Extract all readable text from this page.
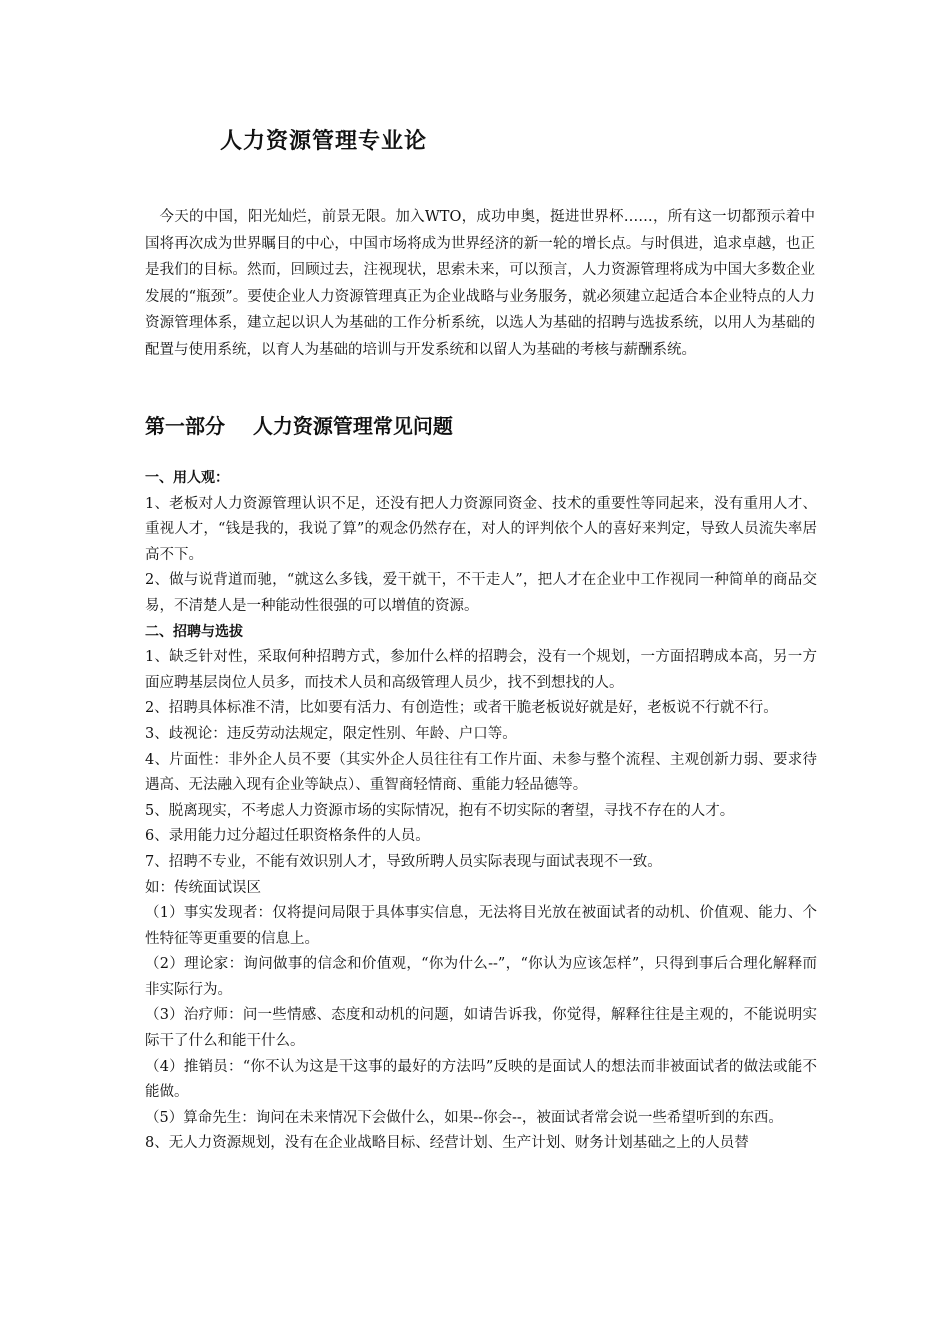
人力资源管理专业论

今天的中国，阳光灿烂，前景无限。加入WTO，成功申奥，挺进世界杯……，所有这一切都预示着中国将再次成为世界瞩目的中心，中国市场将成为世界经济的新一轮的增长点。与时俱进，追求卓越，也正是我们的目标。然而，回顾过去，注视现状，思索未来，可以预言，人力资源管理将成为中国大多数企业发展的“瓶颈”。要使企业人力资源管理真正为企业战略与业务服务，就必须建立起适合本企业特点的人力资源管理体系，建立起以识人为基础的工作分析系统，以选人为基础的招聘与选拔系统，以用人为基础的配置与使用系统，以育人为基础的培训与开发系统和以留人为基础的考核与薪酬系统。

第一部分    人力资源管理常见问题

一、用人观：

1、老板对人力资源管理认识不足，还没有把人力资源同资金、技术的重要性等同起来，没有重用人才、重视人才，“钱是我的，我说了算”的观念仍然存在，对人的评判依个人的喜好来判定，导致人员流失率居高不下。

2、做与说背道而驰，“就这么多钱，爱干就干，不干走人”，把人才在企业中工作视同一种简单的商品交易，不清楚人是一种能动性很强的可以增值的资源。

二、招聘与选拔

1、缺乏针对性，采取何种招聘方式，参加什么样的招聘会，没有一个规划，一方面招聘成本高，另一方面应聘基层岗位人员多，而技术人员和高级管理人员少，找不到想找的人。

2、招聘具体标准不清，比如要有活力、有创造性；或者干脆老板说好就是好，老板说不行就不行。

3、歧视论：违反劳动法规定，限定性别、年龄、户口等。

4、片面性：非外企人员不要（其实外企人员往往有工作片面、未参与整个流程、主观创新力弱、要求待遇高、无法融入现有企业等缺点）、重智商轻情商、重能力轻品德等。

5、脱离现实，不考虑人力资源市场的实际情况，抱有不切实际的奢望，寻找不存在的人才。

6、录用能力过分超过任职资格条件的人员。

7、招聘不专业，不能有效识别人才，导致所聘人员实际表现与面试表现不一致。

如：传统面试误区

（1）事实发现者：仅将提问局限于具体事实信息，无法将目光放在被面试者的动机、价值观、能力、个性特征等更重要的信息上。

（2）理论家：询问做事的信念和价值观，“你为什么--”，“你认为应该怎样”，只得到事后合理化解释而非实际行为。

（3）治疗师：问一些情感、态度和动机的问题，如请告诉我，你觉得，解释往往是主观的，不能说明实际干了什么和能干什么。

（4）推销员：“你不认为这是干这事的最好的方法吗”反映的是面试人的想法而非被面试者的做法或能不能做。

（5）算命先生：询问在未来情况下会做什么，如果--你会--，被面试者常会说一些希望听到的东西。

8、无人力资源规划，没有在企业战略目标、经营计划、生产计划、财务计划基础之上的人员替
